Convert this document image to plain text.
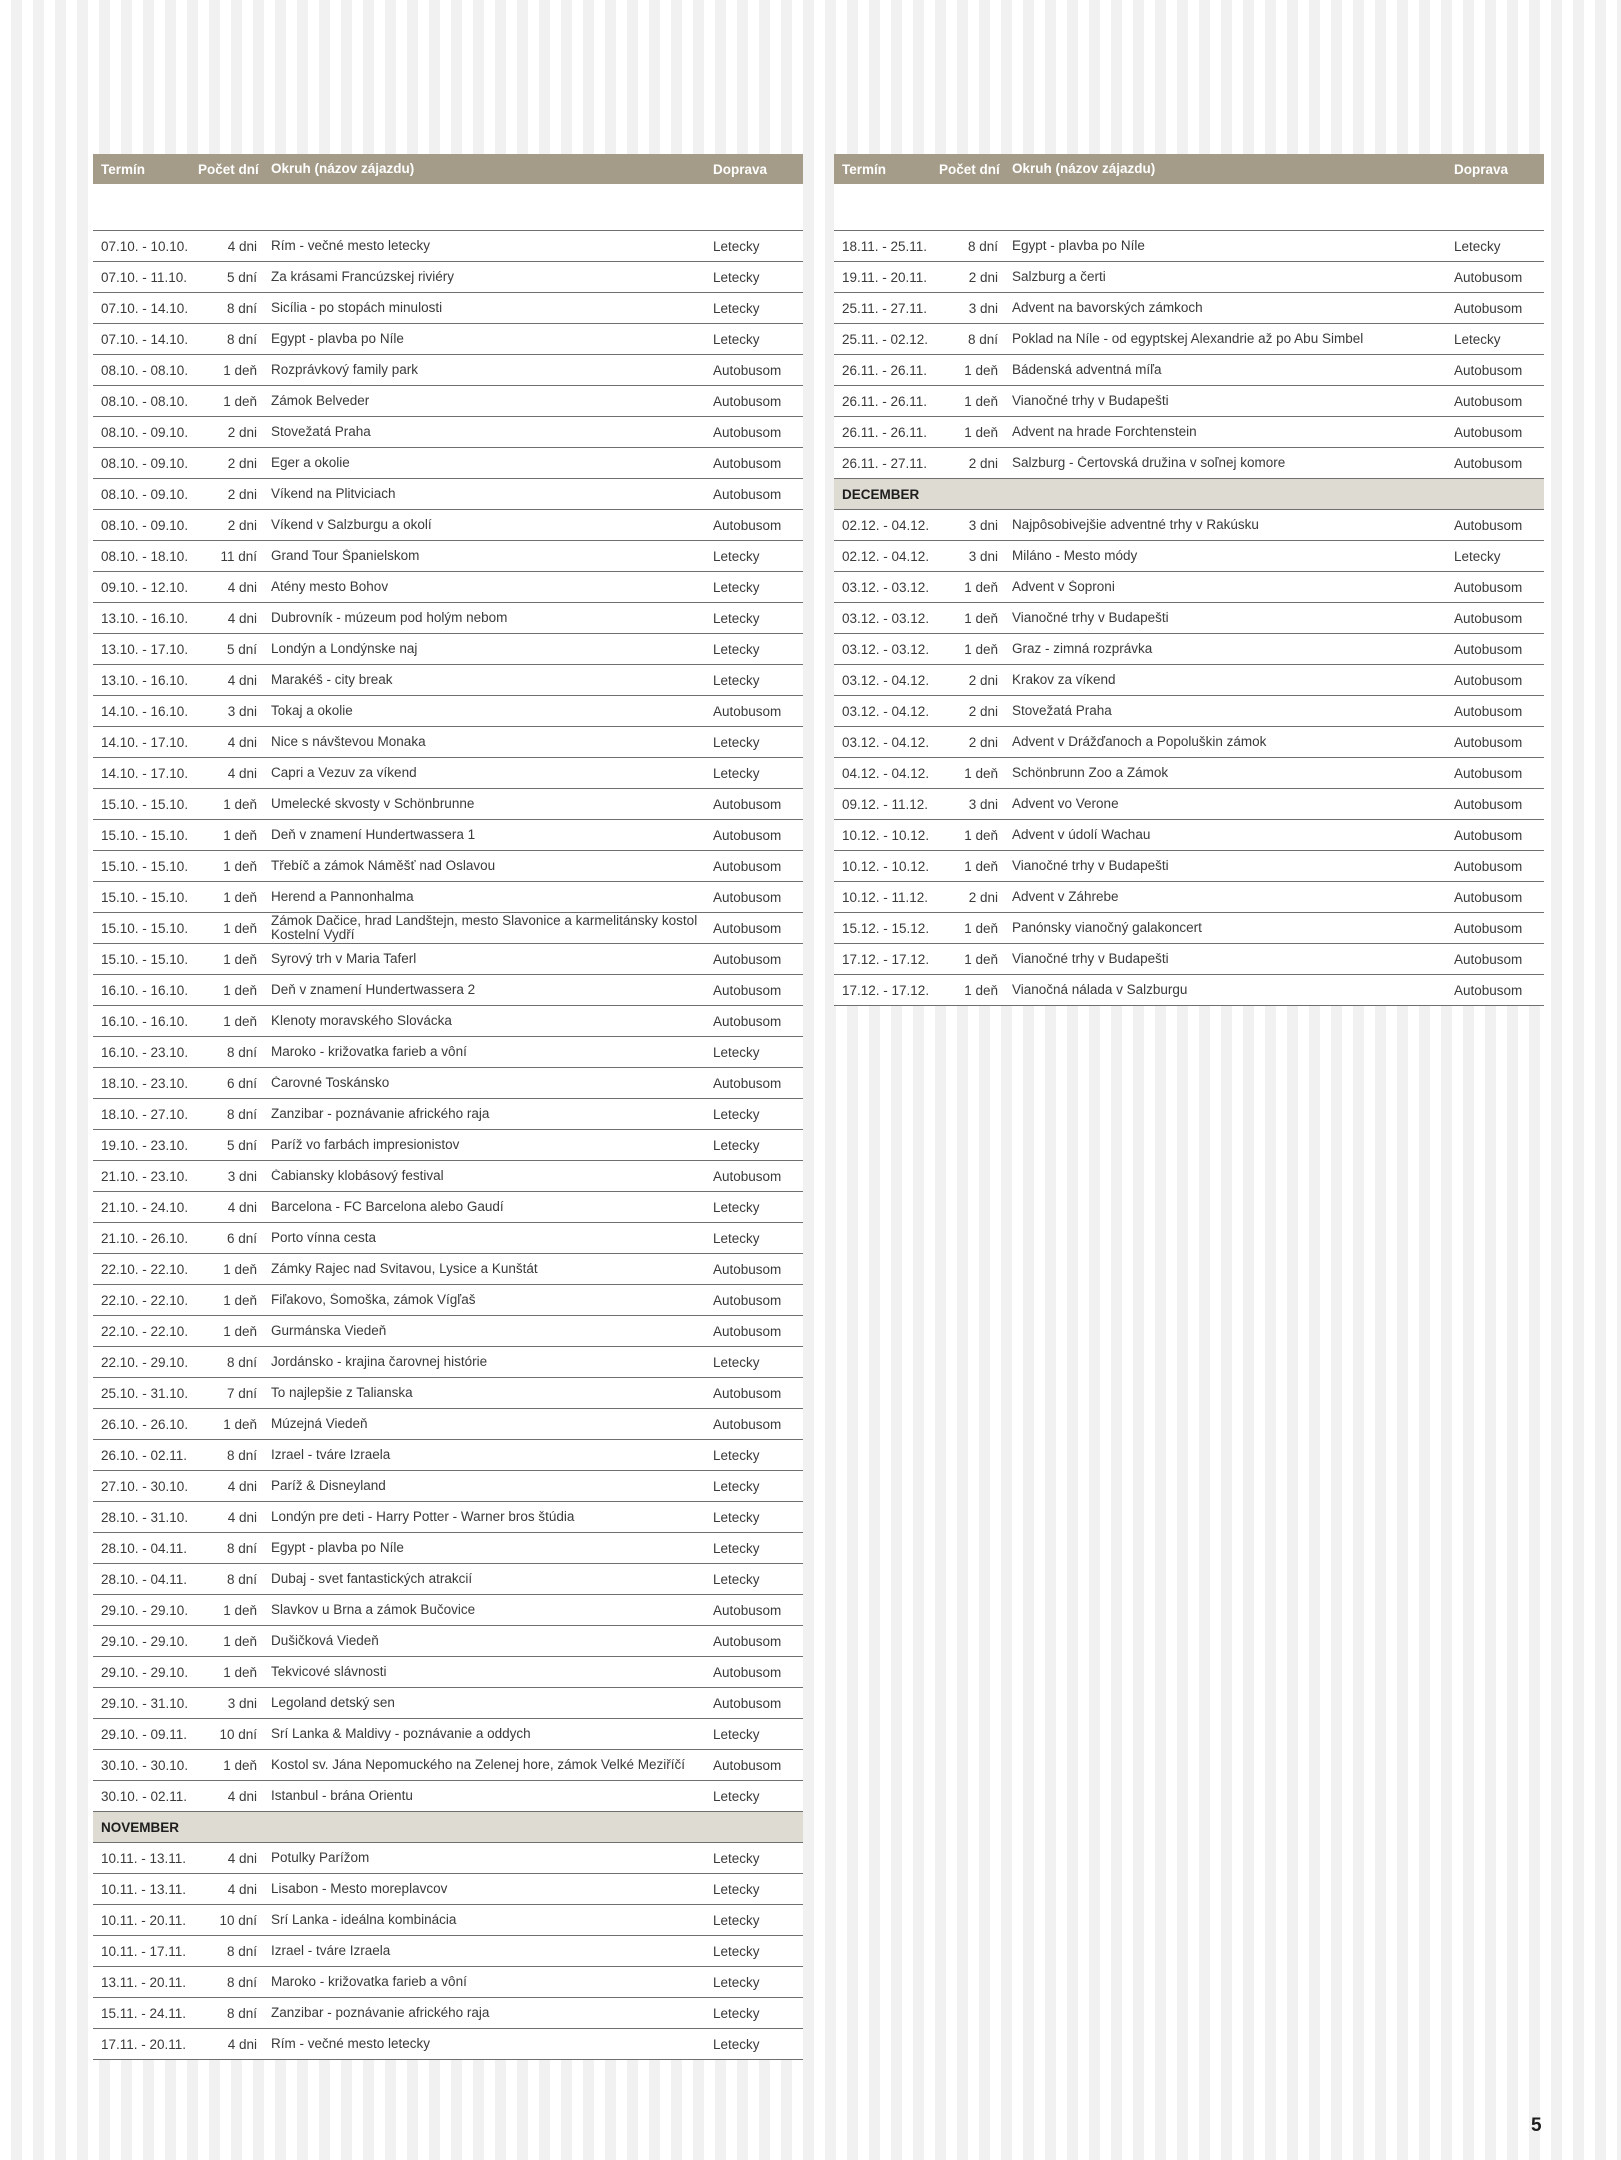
Termín	Počet dní Okruh (názov zájazdu)	Doprava
07.10. - 10.10.	4 dni	Rím - večné mesto letecky	Letecky
07.10. - 11.10.	5 dní	Za krásami Francúzskej riviéry	Letecky
07.10. - 14.10.	8 dní	Sicília - po stopách minulosti	Letecky
07.10. - 14.10.	8 dní	Egypt - plavba po Níle	Letecky
08.10. - 08.10.	1 deň	Rozprávkový family park	Autobusom
08.10. - 08.10.	1 deň	Zámok Belveder	Autobusom
08.10. - 09.10.	2 dni	Stovežatá Praha	Autobusom
08.10. - 09.10.	2 dni	Eger a okolie	Autobusom
08.10. - 09.10.	2 dni	Víkend na Plitviciach	Autobusom
08.10. - 09.10.	2 dni	Víkend v Salzburgu a okolí	Autobusom
08.10. - 18.10.	11 dní	Grand Tour Španielskom	Letecky
09.10. - 12.10.	4 dni	Atény mesto Bohov	Letecky
13.10. - 16.10.	4 dni	Dubrovník - múzeum pod holým nebom	Letecky
13.10. - 17.10.	5 dní	Londýn a Londýnske naj	Letecky
13.10. - 16.10.	4 dni	Marakéš - city break	Letecky
14.10. - 16.10.	3 dni	Tokaj a okolie	Autobusom
14.10. - 17.10.	4 dni	Nice s návštevou Monaka	Letecky
14.10. - 17.10.	4 dni	Capri a Vezuv za víkend	Letecky
15.10. - 15.10.	1 deň	Umelecké skvosty v Schönbrunne	Autobusom
15.10. - 15.10.	1 deň	Deň v znamení Hundertwassera 1	Autobusom
15.10. - 15.10.	1 deň	Třebíč a zámok Náměšť nad Oslavou	Autobusom
15.10. - 15.10.	1 deň	Herend a Pannonhalma	Autobusom
15.10. - 15.10.	1 deň	Zámok Dačice, hrad Landštejn, mesto Slavonice a karmelitánsky kostol Kostelní Vydří	Autobusom
15.10. - 15.10.	1 deň	Syrový trh v Maria Taferl	Autobusom
16.10. - 16.10.	1 deň	Deň v znamení Hundertwassera 2	Autobusom
16.10. - 16.10.	1 deň	Klenoty moravského Slovácka	Autobusom
16.10. - 23.10.	8 dní	Maroko - križovatka farieb a vôní	Letecky
18.10. - 23.10.	6 dní	Čarovné Toskánsko	Autobusom
18.10. - 27.10.	8 dní	Zanzibar - poznávanie afrického raja	Letecky
19.10. - 23.10.	5 dní	Paríž vo farbách impresionistov	Letecky
21.10. - 23.10.	3 dni	Čabiansky klobásový festival	Autobusom
21.10. - 24.10.	4 dni	Barcelona - FC Barcelona alebo Gaudí	Letecky
21.10. - 26.10.	6 dní	Porto vínna cesta	Letecky
22.10. - 22.10.	1 deň	Zámky Rajec nad Svitavou, Lysice a Kunštát	Autobusom
22.10. - 22.10.	1 deň	Fiľakovo, Šomoška, zámok Vígľaš	Autobusom
22.10. - 22.10.	1 deň	Gurmánska Viedeň	Autobusom
22.10. - 29.10.	8 dní	Jordánsko - krajina čarovnej histórie	Letecky
25.10. - 31.10.	7 dní	To najlepšie z Talianska	Autobusom
26.10. - 26.10.	1 deň	Múzejná Viedeň	Autobusom
26.10. - 02.11.	8 dní	Izrael - tváre Izraela	Letecky
27.10. - 30.10.	4 dni	Paríž & Disneyland	Letecky
28.10. - 31.10.	4 dni	Londýn pre deti - Harry Potter - Warner bros štúdia	Letecky
28.10. - 04.11.	8 dní	Egypt - plavba po Níle	Letecky
28.10. - 04.11.	8 dní	Dubaj - svet fantastických atrakcií	Letecky
29.10. - 29.10.	1 deň	Slavkov u Brna a zámok Bučovice	Autobusom
29.10. - 29.10.	1 deň	Dušičková Viedeň	Autobusom
29.10. - 29.10.	1 deň	Tekvicové slávnosti	Autobusom
29.10. - 31.10.	3 dni	Legoland detský sen	Autobusom
29.10. - 09.11.	10 dní	Srí Lanka & Maldivy - poznávanie a oddych	Letecky
30.10. - 30.10.	1 deň	Kostol sv. Jána Nepomuckého na Zelenej hore, zámok Velké Meziříčí	Autobusom
30.10. - 02.11.	4 dni	Istanbul - brána Orientu	Letecky
NOVEMBER
10.11. - 13.11.	4 dni	Potulky Parížom	Letecky
10.11. - 13.11.	4 dni	Lisabon - Mesto moreplavcov	Letecky
10.11. - 20.11.	10 dní	Srí Lanka - ideálna kombinácia	Letecky
10.11. - 17.11.	8 dní	Izrael - tváre Izraela	Letecky
13.11. - 20.11.	8 dní	Maroko - križovatka farieb a vôní	Letecky
15.11. - 24.11.	8 dní	Zanzibar - poznávanie afrického raja	Letecky
17.11. - 20.11.	4 dni	Rím - večné mesto letecky	Letecky
Termín	Počet dní Okruh (názov zájazdu)	Doprava
18.11. - 25.11.	8 dní	Egypt - plavba po Níle	Letecky
19.11. - 20.11.	2 dni	Salzburg a čerti	Autobusom
25.11. - 27.11.	3 dni	Advent na bavorských zámkoch	Autobusom
25.11. - 02.12.	8 dní	Poklad na Níle - od egyptskej Alexandrie až po Abu Simbel	Letecky
26.11. - 26.11.	1 deň	Bádenská adventná míľa	Autobusom
26.11. - 26.11.	1 deň	Vianočné trhy v Budapešti	Autobusom
26.11. - 26.11.	1 deň	Advent na hrade Forchtenstein	Autobusom
26.11. - 27.11.	2 dni	Salzburg - Čertovská družina v soľnej komore	Autobusom
DECEMBER
02.12. - 04.12.	3 dni	Najpôsobivejšie adventné trhy v Rakúsku	Autobusom
02.12. - 04.12.	3 dni	Miláno - Mesto módy	Letecky
03.12. - 03.12.	1 deň	Advent v Šoproni	Autobusom
03.12. - 03.12.	1 deň	Vianočné trhy v Budapešti	Autobusom
03.12. - 03.12.	1 deň	Graz - zimná rozprávka	Autobusom
03.12. - 04.12.	2 dni	Krakov za víkend	Autobusom
03.12. - 04.12.	2 dni	Stovežatá Praha	Autobusom
03.12. - 04.12.	2 dni	Advent v Drážďanoch a Popoluškin zámok	Autobusom
04.12. - 04.12.	1 deň	Schönbrunn Zoo a Zámok	Autobusom
09.12. - 11.12.	3 dni	Advent vo Verone	Autobusom
10.12. - 10.12.	1 deň	Advent v údolí Wachau	Autobusom
10.12. - 10.12.	1 deň	Vianočné trhy v Budapešti	Autobusom
10.12. - 11.12.	2 dni	Advent v Záhrebe	Autobusom
15.12. - 15.12.	1 deň	Panónsky vianočný galakoncert	Autobusom
17.12. - 17.12.	1 deň	Vianočné trhy v Budapešti	Autobusom
17.12. - 17.12.	1 deň	Vianočná nálada v Salzburgu	Autobusom
5
